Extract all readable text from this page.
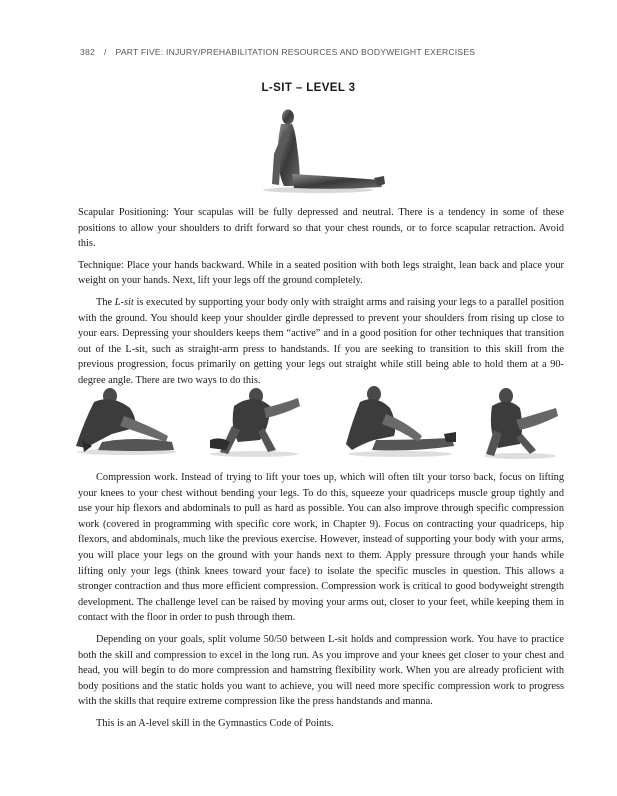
382 / PART FIVE: INJURY/PREHABILITATION RESOURCES AND BODYWEIGHT EXERCISES
L-SIT – LEVEL 3

Scapular Positioning: Your scapulas will be fully depressed and neutral. There is a tendency in some of these positions to allow your shoulders to drift forward so that your chest rounds, or to force scapular retraction. Avoid this.

Technique: Place your hands backward. While in a seated position with both legs straight, lean back and place your weight on your hands. Next, lift your legs off the ground completely.

The L-sit is executed by supporting your body only with straight arms and raising your legs to a parallel position with the ground. You should keep your shoulder girdle depressed to prevent your shoulders from rising up close to your ears. Depressing your shoulders keeps them “active” and in a good position for other techniques that transition out of the L-sit, such as straight-arm press to handstands. If you are seeking to transition to this skill from the previous progression, focus primarily on getting your legs out straight while still being able to hold them at a 90-degree angle. There are two ways to do this.

Compression work. Instead of trying to lift your toes up, which will often tilt your torso back, focus on lifting your knees to your chest without bending your legs. To do this, squeeze your quadriceps muscle group tightly and use your hip flexors and abdominals to pull as hard as possible. You can also improve through specific compression work (covered in programming with specific core work, in Chapter 9). Focus on contracting your quadriceps, hip flexors, and abdominals, much like the previous exercise. However, instead of supporting your body with your arms, you will place your legs on the ground with your hands next to them. Apply pressure through your hands while lifting only your legs (think knees toward your face) to isolate the specific muscles in question. This allows a stronger contraction and thus more efficient compression. Compression work is critical to good bodyweight strength development. The challenge level can be raised by moving your arms out, closer to your feet, while keeping them in contact with the floor in order to push through them.

Depending on your goals, split volume 50/50 between L-sit holds and compression work. You have to practice both the skill and compression to excel in the long run. As you improve and your knees get closer to your chest and head, you will begin to do more compression and hamstring flexibility work. When you are already proficient with body positions and the static holds you want to achieve, you will need more specific compression work to progress with the skills that require extreme compression like the press handstands and manna.

This is an A-level skill in the Gymnastics Code of Points.
